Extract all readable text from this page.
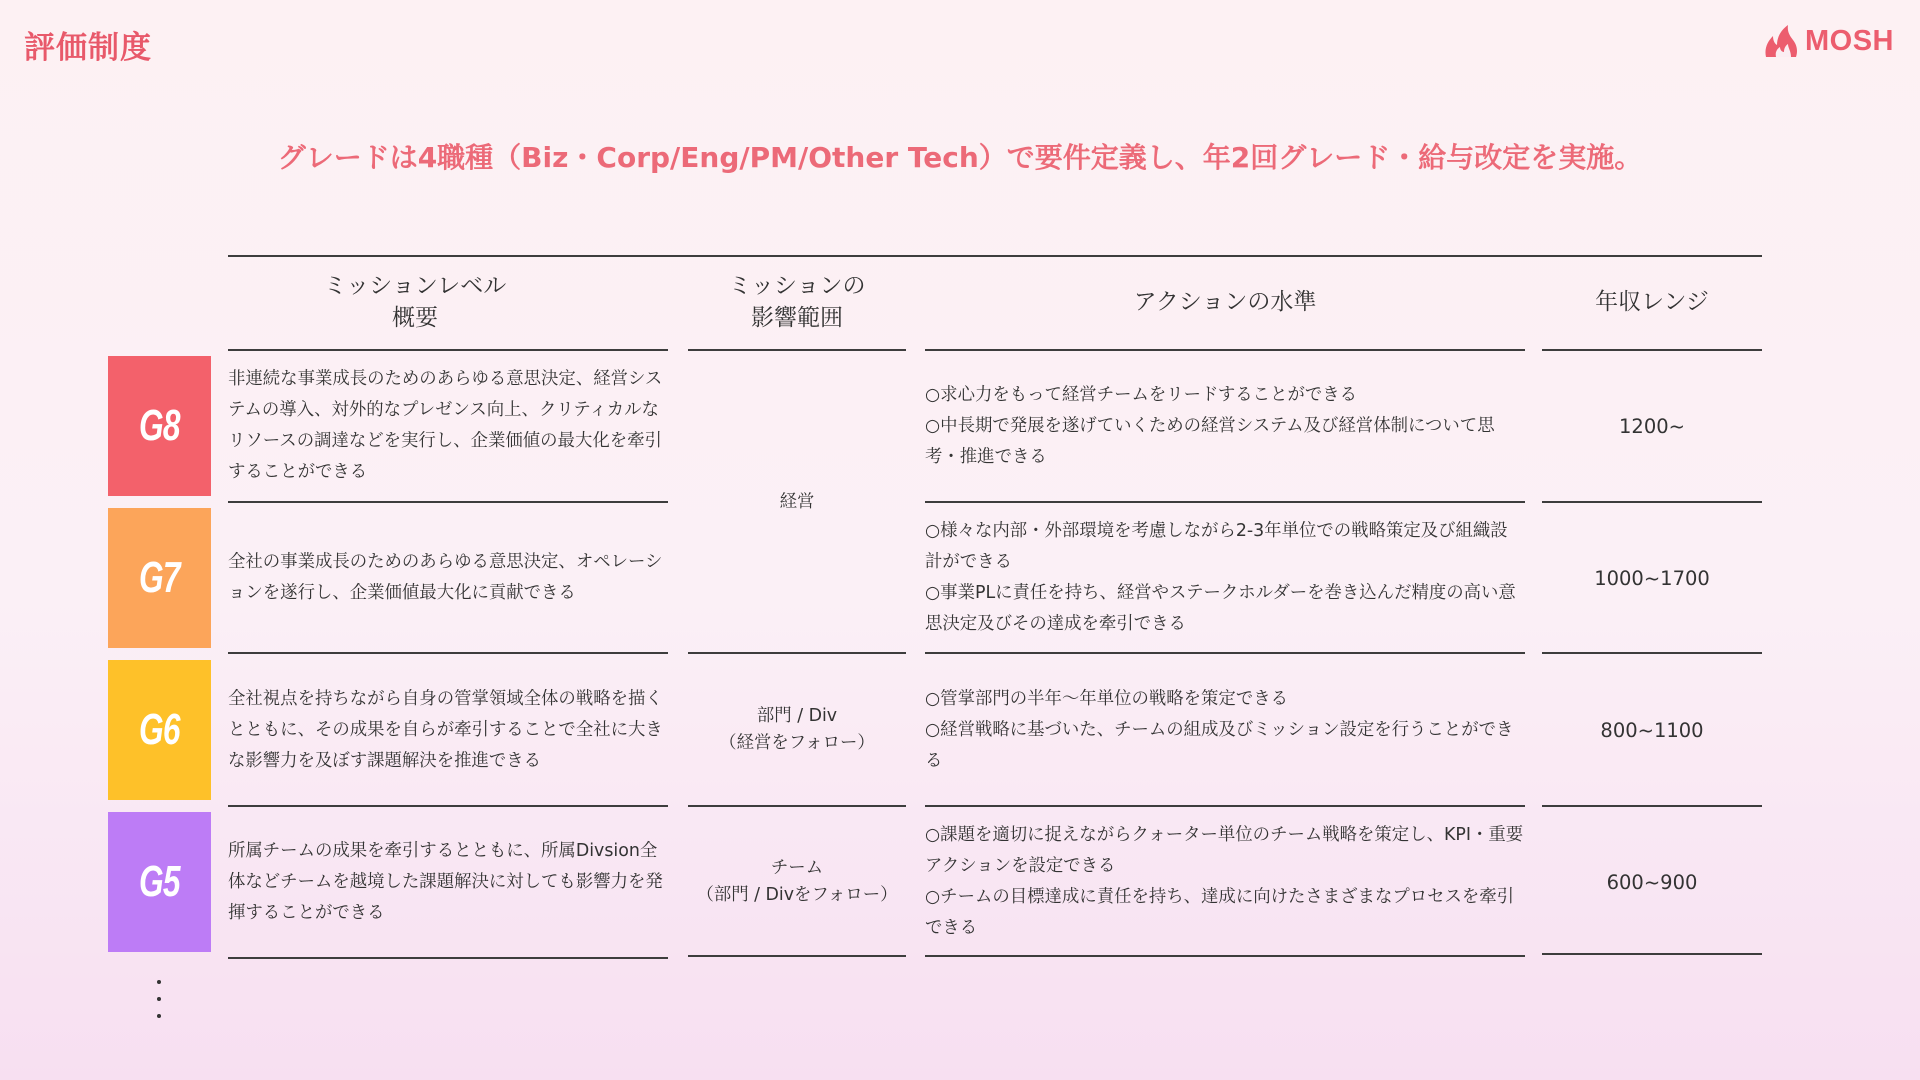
評価制度	MOSH
グレードは4職種（Biz・Corp/Eng/PM/Other Tech）で要件定義し、年2回グレード・給与改定を実施。
ミッションレベル
概要
ミッションの
影響範囲
アクションの水準	年収レンジ
G8
G7
G6
G5
非連続な事業成長のためのあらゆる意思決定、経営システムの導入、対外的なプレゼンス向上、クリティカルなリソースの調達などを実行し、企業価値の最大化を牽引することができる
○求心力をもって経営チームをリードすることができる
○中長期で発展を遂げていくための経営システム及び経営体制について思考・推進できる
1200~
全社の事業成長のためのあらゆる意思決定、オペレーションを遂行し、企業価値最大化に貢献できる
○様々な内部・外部環境を考慮しながら2-3年単位での戦略策定及び組織設計ができる
○事業PLに責任を持ち、経営やステークホルダーを巻き込んだ精度の高い意思決定及びその達成を牽引できる
1000~1700
経営
全社視点を持ちながら自身の管掌領域全体の戦略を描くとともに、その成果を自らが牽引することで全社に大きな影響力を及ぼす課題解決を推進できる
部門 / Div
（経営をフォロー）
○管掌部門の半年〜年単位の戦略を策定できる
○経営戦略に基づいた、チームの組成及びミッション設定を行うことができる
800~1100
所属チームの成果を牽引するとともに、所属Divsion全体などチームを越境した課題解決に対しても影響力を発揮することができる
チーム
（部門 / Divをフォロー）
○課題を適切に捉えながらクォーター単位のチーム戦略を策定し、KPI・重要アクションを設定できる
○チームの目標達成に責任を持ち、達成に向けたさまざまなプロセスを牽引できる
600~900
